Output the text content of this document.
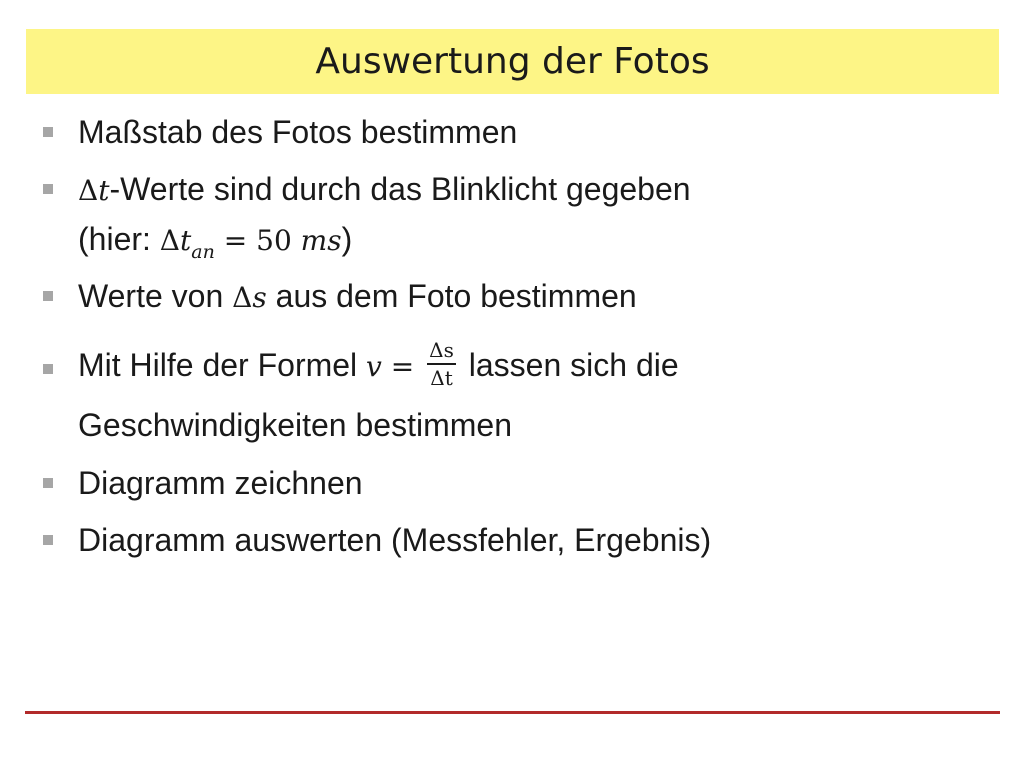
Auswertung der Fotos
Maßstab des Fotos bestimmen
Δt-Werte sind durch das Blinklicht gegeben
(hier: $\Delta t_{an} = 50$ ms)
Werte von Δs aus dem Foto bestimmen
Mit Hilfe der Formel $v = \frac{\Delta s}{\Delta t}$ lassen sich die
Geschwindigkeiten bestimmen
Diagramm zeichnen
Diagramm auswerten (Messfehler, Ergebnis)
